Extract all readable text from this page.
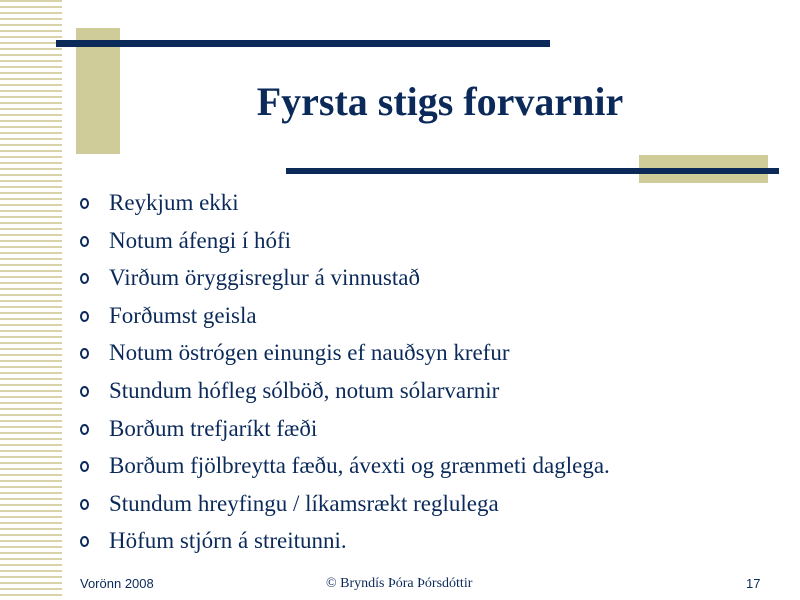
Fyrsta stigs forvarnir
Reykjum ekki
Notum áfengi í hófi
Virðum öryggisreglur á vinnustað
Forðumst geisla
Notum östrógen einungis ef nauðsyn krefur
Stundum hófleg sólböð, notum sólarvarnir
Borðum trefjaríkt fæði
Borðum fjölbreytta fæðu, ávexti og grænmeti daglega.
Stundum hreyfingu / líkamsrækt reglulega
Höfum stjórn á streitunni.
Vorönn 2008	© Bryndís Þóra Þórsdóttir	17
